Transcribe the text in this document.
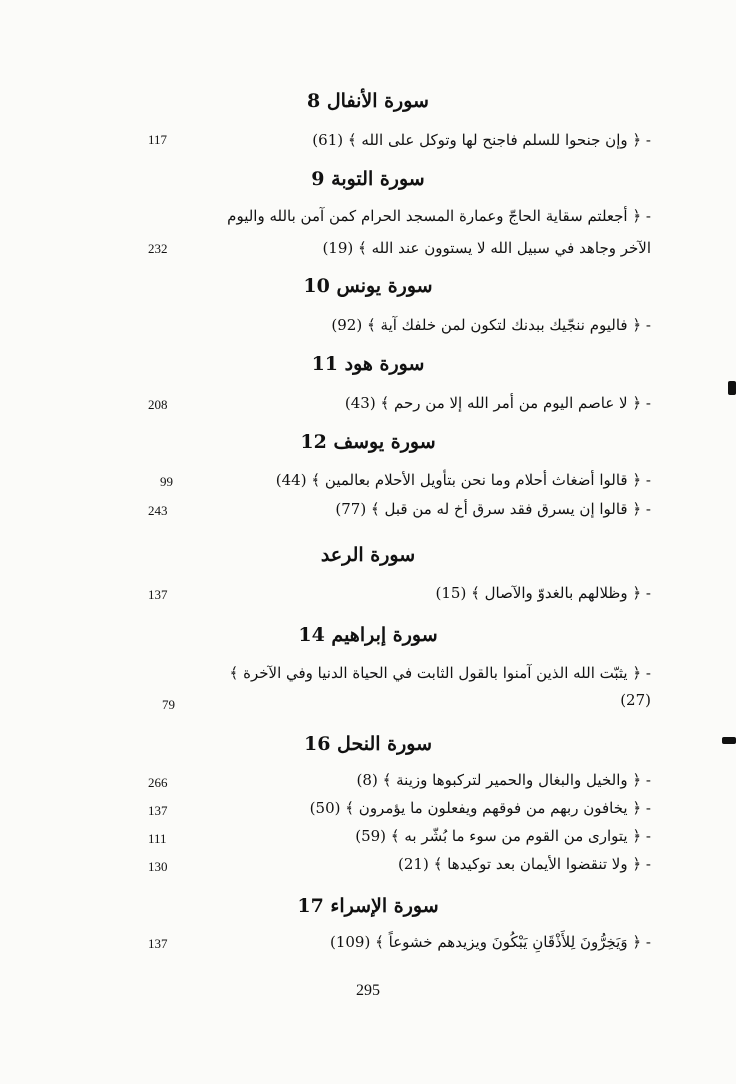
سورة الأنفال 8
- ﴿ وإن جنحوا للسلم فاجنح لها وتوكل على الله ﴾ (61)
117
سورة التوبة 9
- ﴿ أجعلتم سقاية الحاجّ وعمارة المسجد الحرام كمن آمن بالله واليوم
الآخر وجاهد في سبيل الله لا يستوون عند الله ﴾ (19)
232
سورة يونس 10
- ﴿ فاليوم ننجّيك ببدنك لتكون لمن خلفك آية ﴾ (92)
سورة هود 11
- ﴿ لا عاصم اليوم من أمر الله إلا من رحم ﴾ (43)
208
سورة يوسف 12
- ﴿ قالوا أضغاث أحلام وما نحن بتأويل الأحلام بعالمين ﴾ (44)
99
- ﴿ قالوا إن يسرق فقد سرق أخ له من قبل ﴾ (77)
243
سورة الرعد
- ﴿ وظلالهم بالغدوّ والآصال ﴾ (15)
137
سورة إبراهيم 14
- ﴿ يثبّت الله الذين آمنوا بالقول الثابت في الحياة الدنيا وفي الآخرة ﴾
(27)
79
سورة النحل 16
- ﴿ والخيل والبغال والحمير لتركبوها وزينة ﴾ (8)
266
- ﴿ يخافون ربهم من فوقهم ويفعلون ما يؤمرون ﴾ (50)
137
- ﴿ يتوارى من القوم من سوء ما بُشّر به ﴾ (59)
111
- ﴿ ولا تنقضوا الأيمان بعد توكيدها ﴾ (21)
130
سورة الإسراء 17
- ﴿ وَيَخِرُّونَ لِلأَذْقَانِ يَبْكُونَ ويزيدهم خشوعاً ﴾ (109)
137
295
